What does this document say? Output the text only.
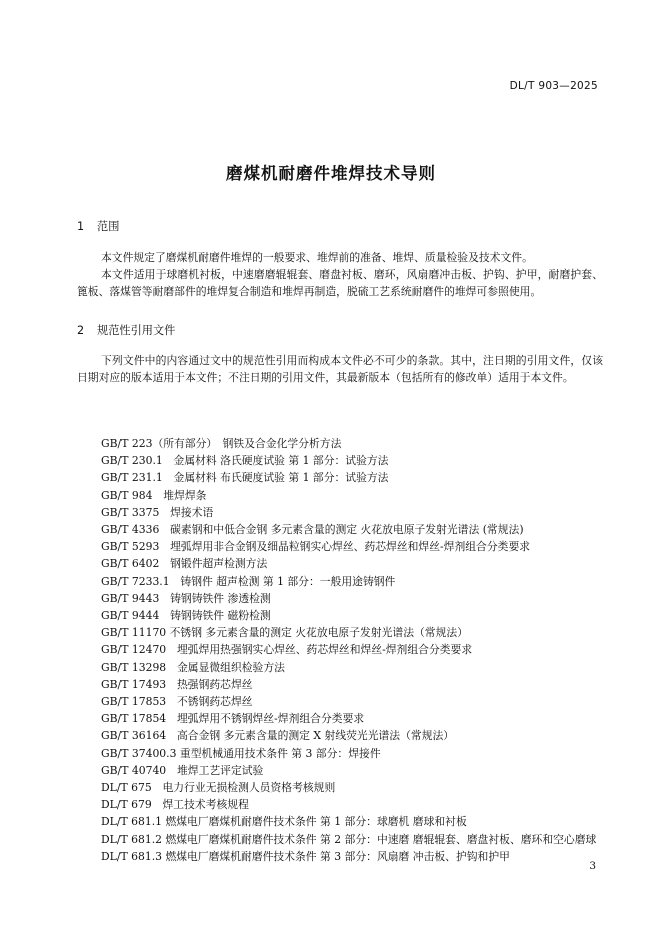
DL/T 903—2025
磨煤机耐磨件堆焊技术导则
1 范围

本文件规定了磨煤机耐磨件堆焊的一般要求、堆焊前的准备、堆焊、质量检验及技术文件。

本文件适用于球磨机衬板，中速磨磨辊辊套、磨盘衬板、磨环，风扇磨冲击板、护钩、护甲，耐磨护套、篦板、落煤管等耐磨部件的堆焊复合制造和堆焊再制造，脱硫工艺系统耐磨件的堆焊可参照使用。

2 规范性引用文件

下列文件中的内容通过文中的规范性引用而构成本文件必不可少的条款。其中，注日期的引用文件，仅该日期对应的版本适用于本文件；不注日期的引用文件，其最新版本（包括所有的修改单）适用于本文件。

GB/T 223（所有部分）　钢铁及合金化学分析方法
GB/T 230.1　金属材料 洛氏硬度试验 第 1 部分：试验方法
GB/T 231.1　金属材料 布氏硬度试验 第 1 部分：试验方法
GB/T 984　堆焊焊条
GB/T 3375　焊接术语
GB/T 4336　碳素钢和中低合金钢 多元素含量的测定 火花放电原子发射光谱法 (常规法)
GB/T 5293　埋弧焊用非合金钢及细晶粒钢实心焊丝、药芯焊丝和焊丝-焊剂组合分类要求
GB/T 6402　钢锻件超声检测方法
GB/T 7233.1　铸钢件 超声检测 第 1 部分：一般用途铸钢件
GB/T 9443　铸钢铸铁件 渗透检测
GB/T 9444　铸钢铸铁件 磁粉检测
GB/T 11170 不锈钢 多元素含量的测定 火花放电原子发射光谱法（常规法）
GB/T 12470　埋弧焊用热强钢实心焊丝、药芯焊丝和焊丝-焊剂组合分类要求
GB/T 13298　金属显微组织检验方法
GB/T 17493　热强钢药芯焊丝
GB/T 17853　不锈钢药芯焊丝
GB/T 17854　埋弧焊用不锈钢焊丝-焊剂组合分类要求
GB/T 36164　高合金钢 多元素含量的测定 X 射线荧光光谱法（常规法）
GB/T 37400.3 重型机械通用技术条件 第 3 部分：焊接件
GB/T 40740　堆焊工艺评定试验
DL/T 675　电力行业无损检测人员资格考核规则
DL/T 679　焊工技术考核规程
DL/T 681.1 燃煤电厂磨煤机耐磨件技术条件 第 1 部分：球磨机 磨球和衬板
DL/T 681.2 燃煤电厂磨煤机耐磨件技术条件 第 2 部分：中速磨 磨辊辊套、磨盘衬板、磨环和空心磨球
DL/T 681.3 燃煤电厂磨煤机耐磨件技术条件 第 3 部分：风扇磨 冲击板、护钩和护甲
3
